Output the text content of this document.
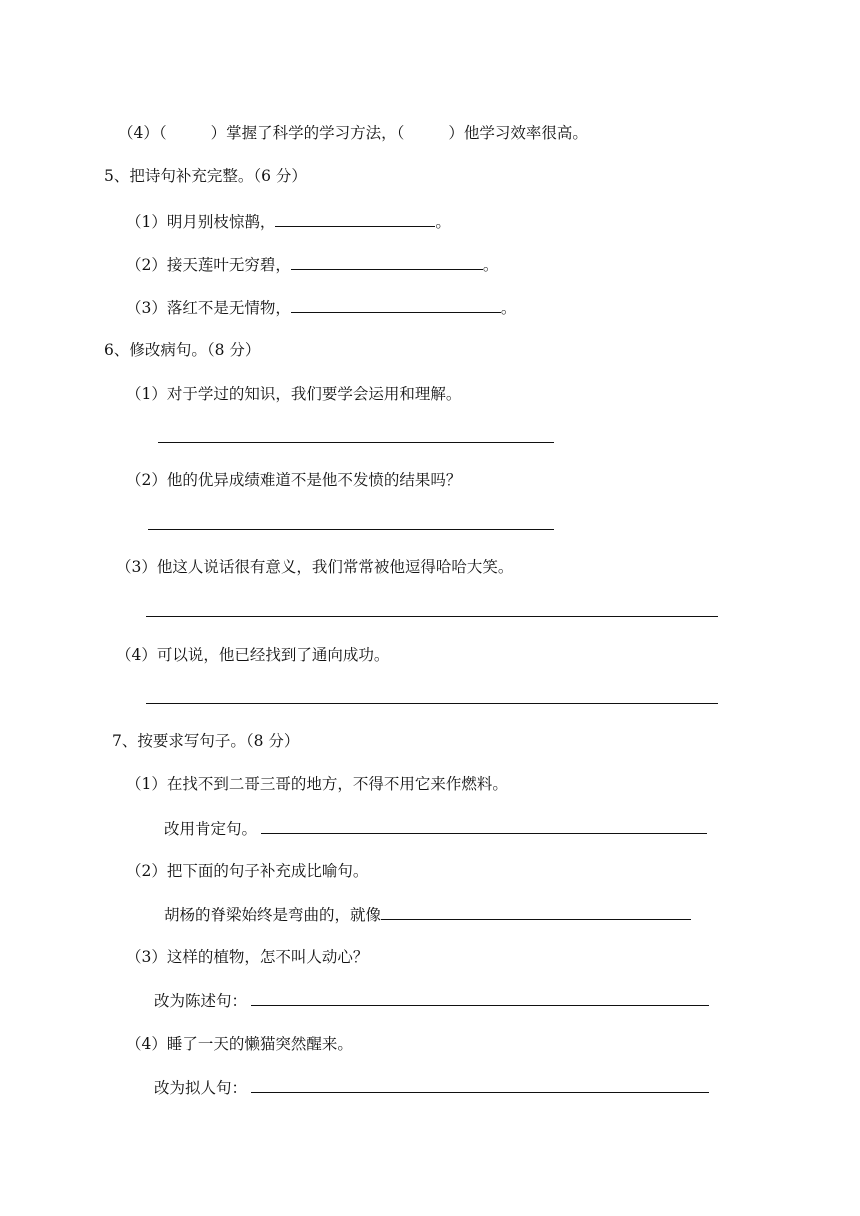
（4）（	）掌握了科学的学习方法，（	）他学习效率很高。
5、把诗句补充完整。（6 分）
（1）明月别枝惊鹊，	。
（2）接天莲叶无穷碧，	。
（3）落红不是无情物，	。
6、修改病句。（8 分）
（1）对于学过的知识，我们要学会运用和理解。
（2）他的优异成绩难道不是他不发愤的结果吗？
（3）他这人说话很有意义，我们常常被他逗得哈哈大笑。
（4）可以说，他已经找到了通向成功。
7、按要求写句子。（8 分）
（1）在找不到二哥三哥的地方，不得不用它来作燃料。
改用肯定句。
（2）把下面的句子补充成比喻句。
胡杨的脊梁始终是弯曲的，就像
（3）这样的植物，怎不叫人动心？
改为陈述句：
（4）睡了一天的懒猫突然醒来。
改为拟人句：
